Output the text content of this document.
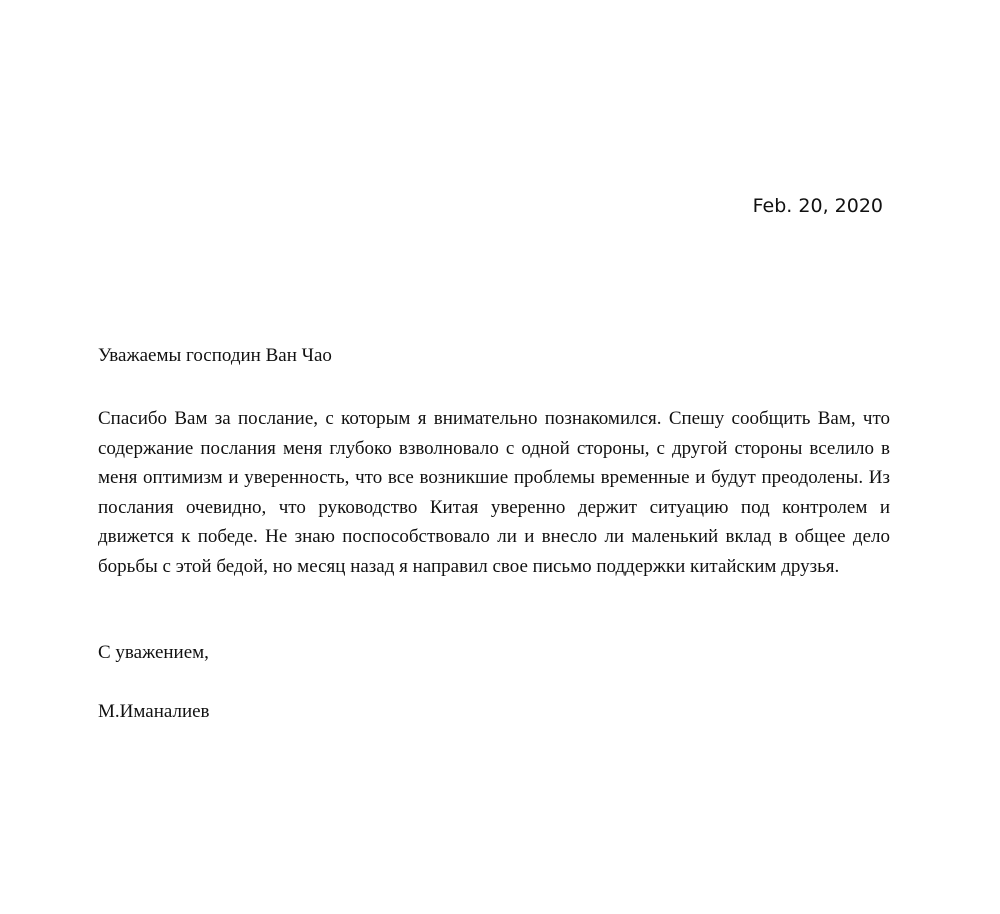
Feb. 20, 2020
Уважаемы господин Ван Чао
Спасибо Вам за послание, с которым я внимательно познакомился. Спешу сообщить Вам, что содержание послания меня глубоко взволновало с одной стороны, с другой стороны вселило в меня оптимизм и уверенность, что все возникшие проблемы временные и будут преодолены. Из послания очевидно, что руководство Китая уверенно держит ситуацию под контролем и движется к победе. Не знаю поспособствовало ли и внесло ли маленький вклад в общее дело борьбы с этой бедой, но месяц назад я направил свое письмо поддержки китайским друзья.
С уважением,
М.Иманалиев
